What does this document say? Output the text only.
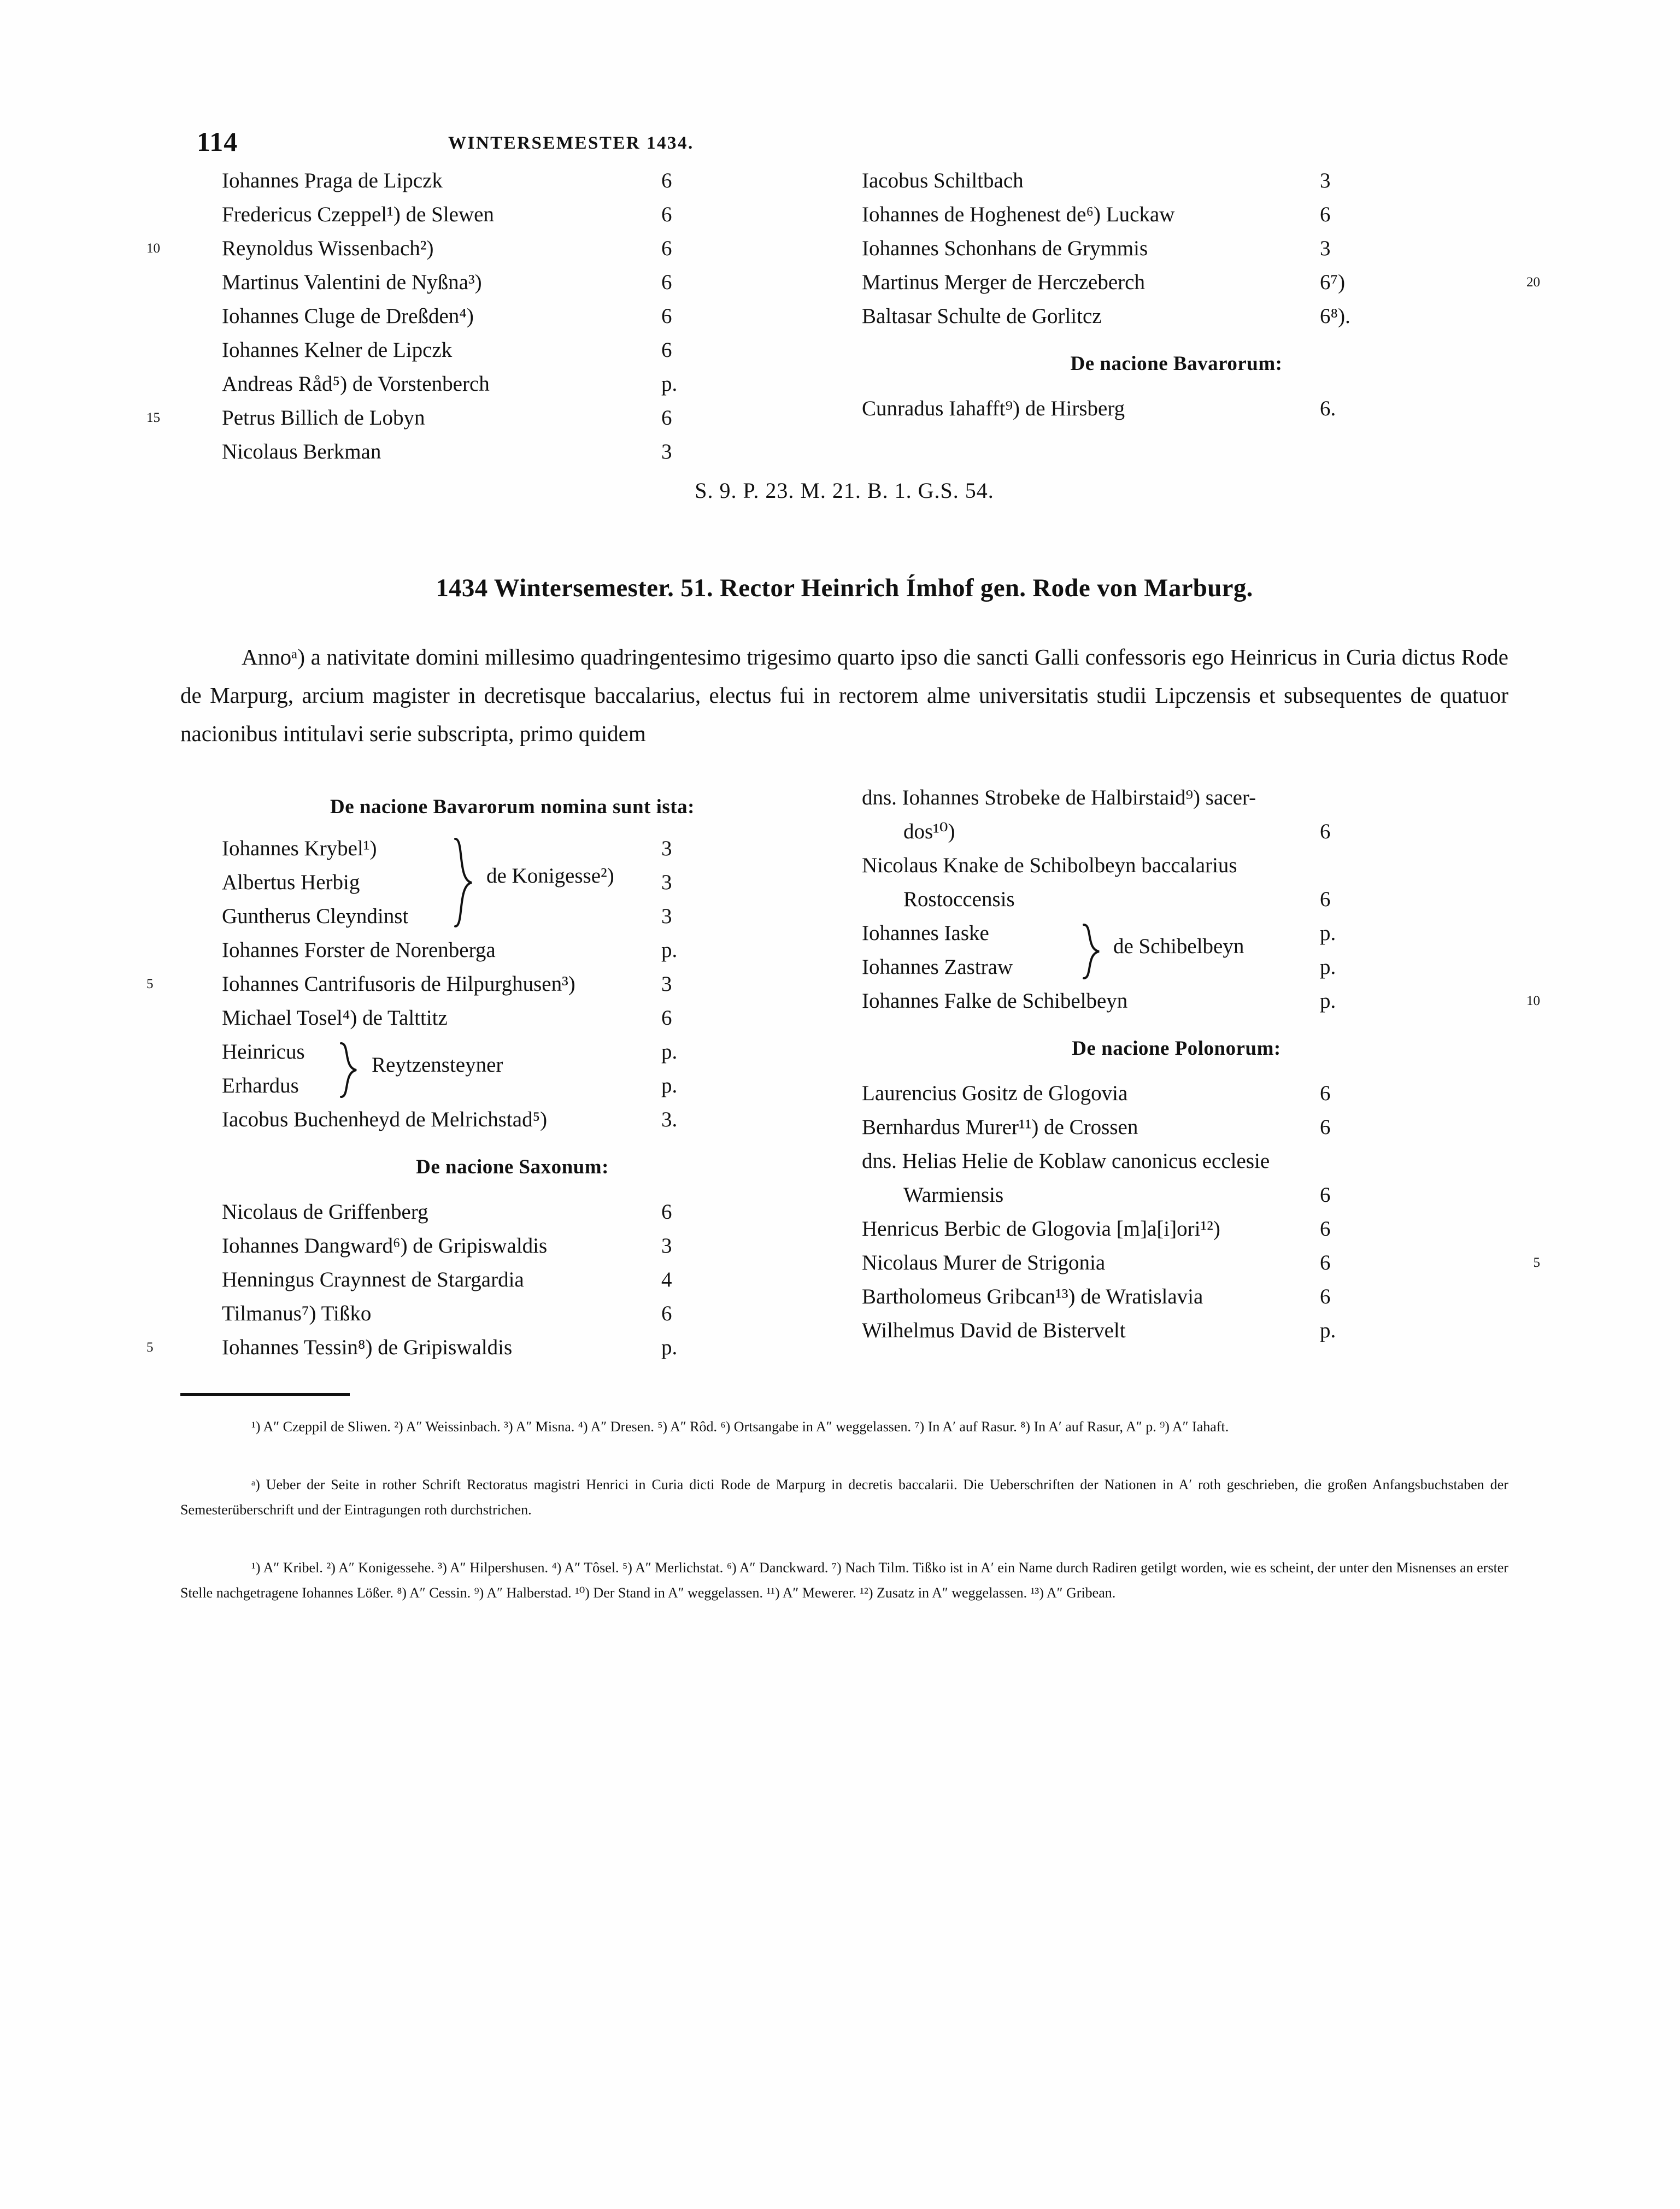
114	WINTERSEMESTER 1434.
Iohannes Praga de Lipczk	6
Fredericus Czeppel¹) de Slewen	6
10	Reynoldus Wissenbach²)	6
Martinus Valentini de Nyßna³)	6
Iohannes Cluge de Dreßden⁴)	6
Iohannes Kelner de Lipczk	6
Andreas Råd⁵) de Vorstenberch	p.
15	Petrus Billich de Lobyn	6
Nicolaus Berkman	3
Iacobus Schiltbach	3
Iohannes de Hoghenest de⁶) Luckaw	6
Iohannes Schonhans de Grymmis	3
Martinus Merger de Herczeberch	6⁷)	20
Baltasar Schulte de Gorlitcz	6⁸).
De nacione Bavarorum:
Cunradus Iahafft⁹) de Hirsberg	6.
S. 9. P. 23. M. 21. B. 1. G.S. 54.
1434 Wintersemester. 51. Rector Heinrich Ímhof gen. Rode von Marburg.
Annoᵃ) a nativitate domini millesimo quadringentesimo trigesimo quarto ipso die sancti Galli confessoris ego Heinricus in Curia dictus Rode de Marpurg, arcium magister in decretisque baccalarius, electus fui in rectorem alme universitatis studii Lipczensis et subsequentes de quatuor nacionibus intitulavi serie subscripta, primo quidem
De nacione Bavarorum nomina sunt ista:
Iohannes Krybel¹)	3
Albertus Herbig	3
Guntherus Cleyndinst	3
de Konigesse²)
Iohannes Forster de Norenberga	p.
5	Iohannes Cantrifusoris de Hilpurghusen³)	3
Michael Tosel⁴) de Talttitz	6
Heinricus	p.
Erhardus	p.
Reytzensteyner
Iacobus Buchenheyd de Melrichstad⁵)	3.
De nacione Saxonum:
Nicolaus de Griffenberg	6
Iohannes Dangward⁶) de Gripiswaldis	3
Henningus Craynnest de Stargardia	4
Tilmanus⁷) Tißko	6
5	Iohannes Tessin⁸) de Gripiswaldis	p.
dns. Iohannes Strobeke de Halbirstaid⁹) sacer-
dos¹⁰)	6
Nicolaus Knake de Schibolbeyn baccalarius
Rostoccensis	6
Iohannes Iaske	p.
Iohannes Zastraw	p.
de Schibelbeyn
Iohannes Falke de Schibelbeyn	p.	10
De nacione Polonorum:
Laurencius Gositz de Glogovia	6
Bernhardus Murer¹¹) de Crossen	6
dns. Helias Helie de Koblaw canonicus ecclesie
Warmiensis	6
Henricus Berbic de Glogovia [m]a[i]ori¹²)	6
Nicolaus Murer de Strigonia	6	5
Bartholomeus Gribcan¹³) de Wratislavia	6
Wilhelmus David de Bistervelt	p.
¹) A″ Czeppil de Sliwen. ²) A″ Weissinbach. ³) A″ Misna. ⁴) A″ Dresen. ⁵) A″ Rôd. ⁶) Ortsangabe in A″ weggelassen. ⁷) In A′ auf Rasur. ⁸) In A′ auf Rasur, A″ p. ⁹) A″ Iahaft.
ᵃ) Ueber der Seite in rother Schrift Rectoratus magistri Henrici in Curia dicti Rode de Marpurg in decretis baccalarii. Die Ueberschriften der Nationen in A′ roth geschrieben, die großen Anfangsbuchstaben der Semesterüberschrift und der Eintragungen roth durchstrichen.
¹) A″ Kribel. ²) A″ Konigessehe. ³) A″ Hilpershusen. ⁴) A″ Tôsel. ⁵) A″ Merlichstat. ⁶) A″ Danckward. ⁷) Nach Tilm. Tißko ist in A′ ein Name durch Radiren getilgt worden, wie es scheint, der unter den Misnenses an erster Stelle nachgetragene Iohannes Lößer. ⁸) A″ Cessin. ⁹) A″ Halberstad. ¹⁰) Der Stand in A″ weggelassen. ¹¹) A″ Mewerer. ¹²) Zusatz in A″ weggelassen. ¹³) A″ Gribean.
